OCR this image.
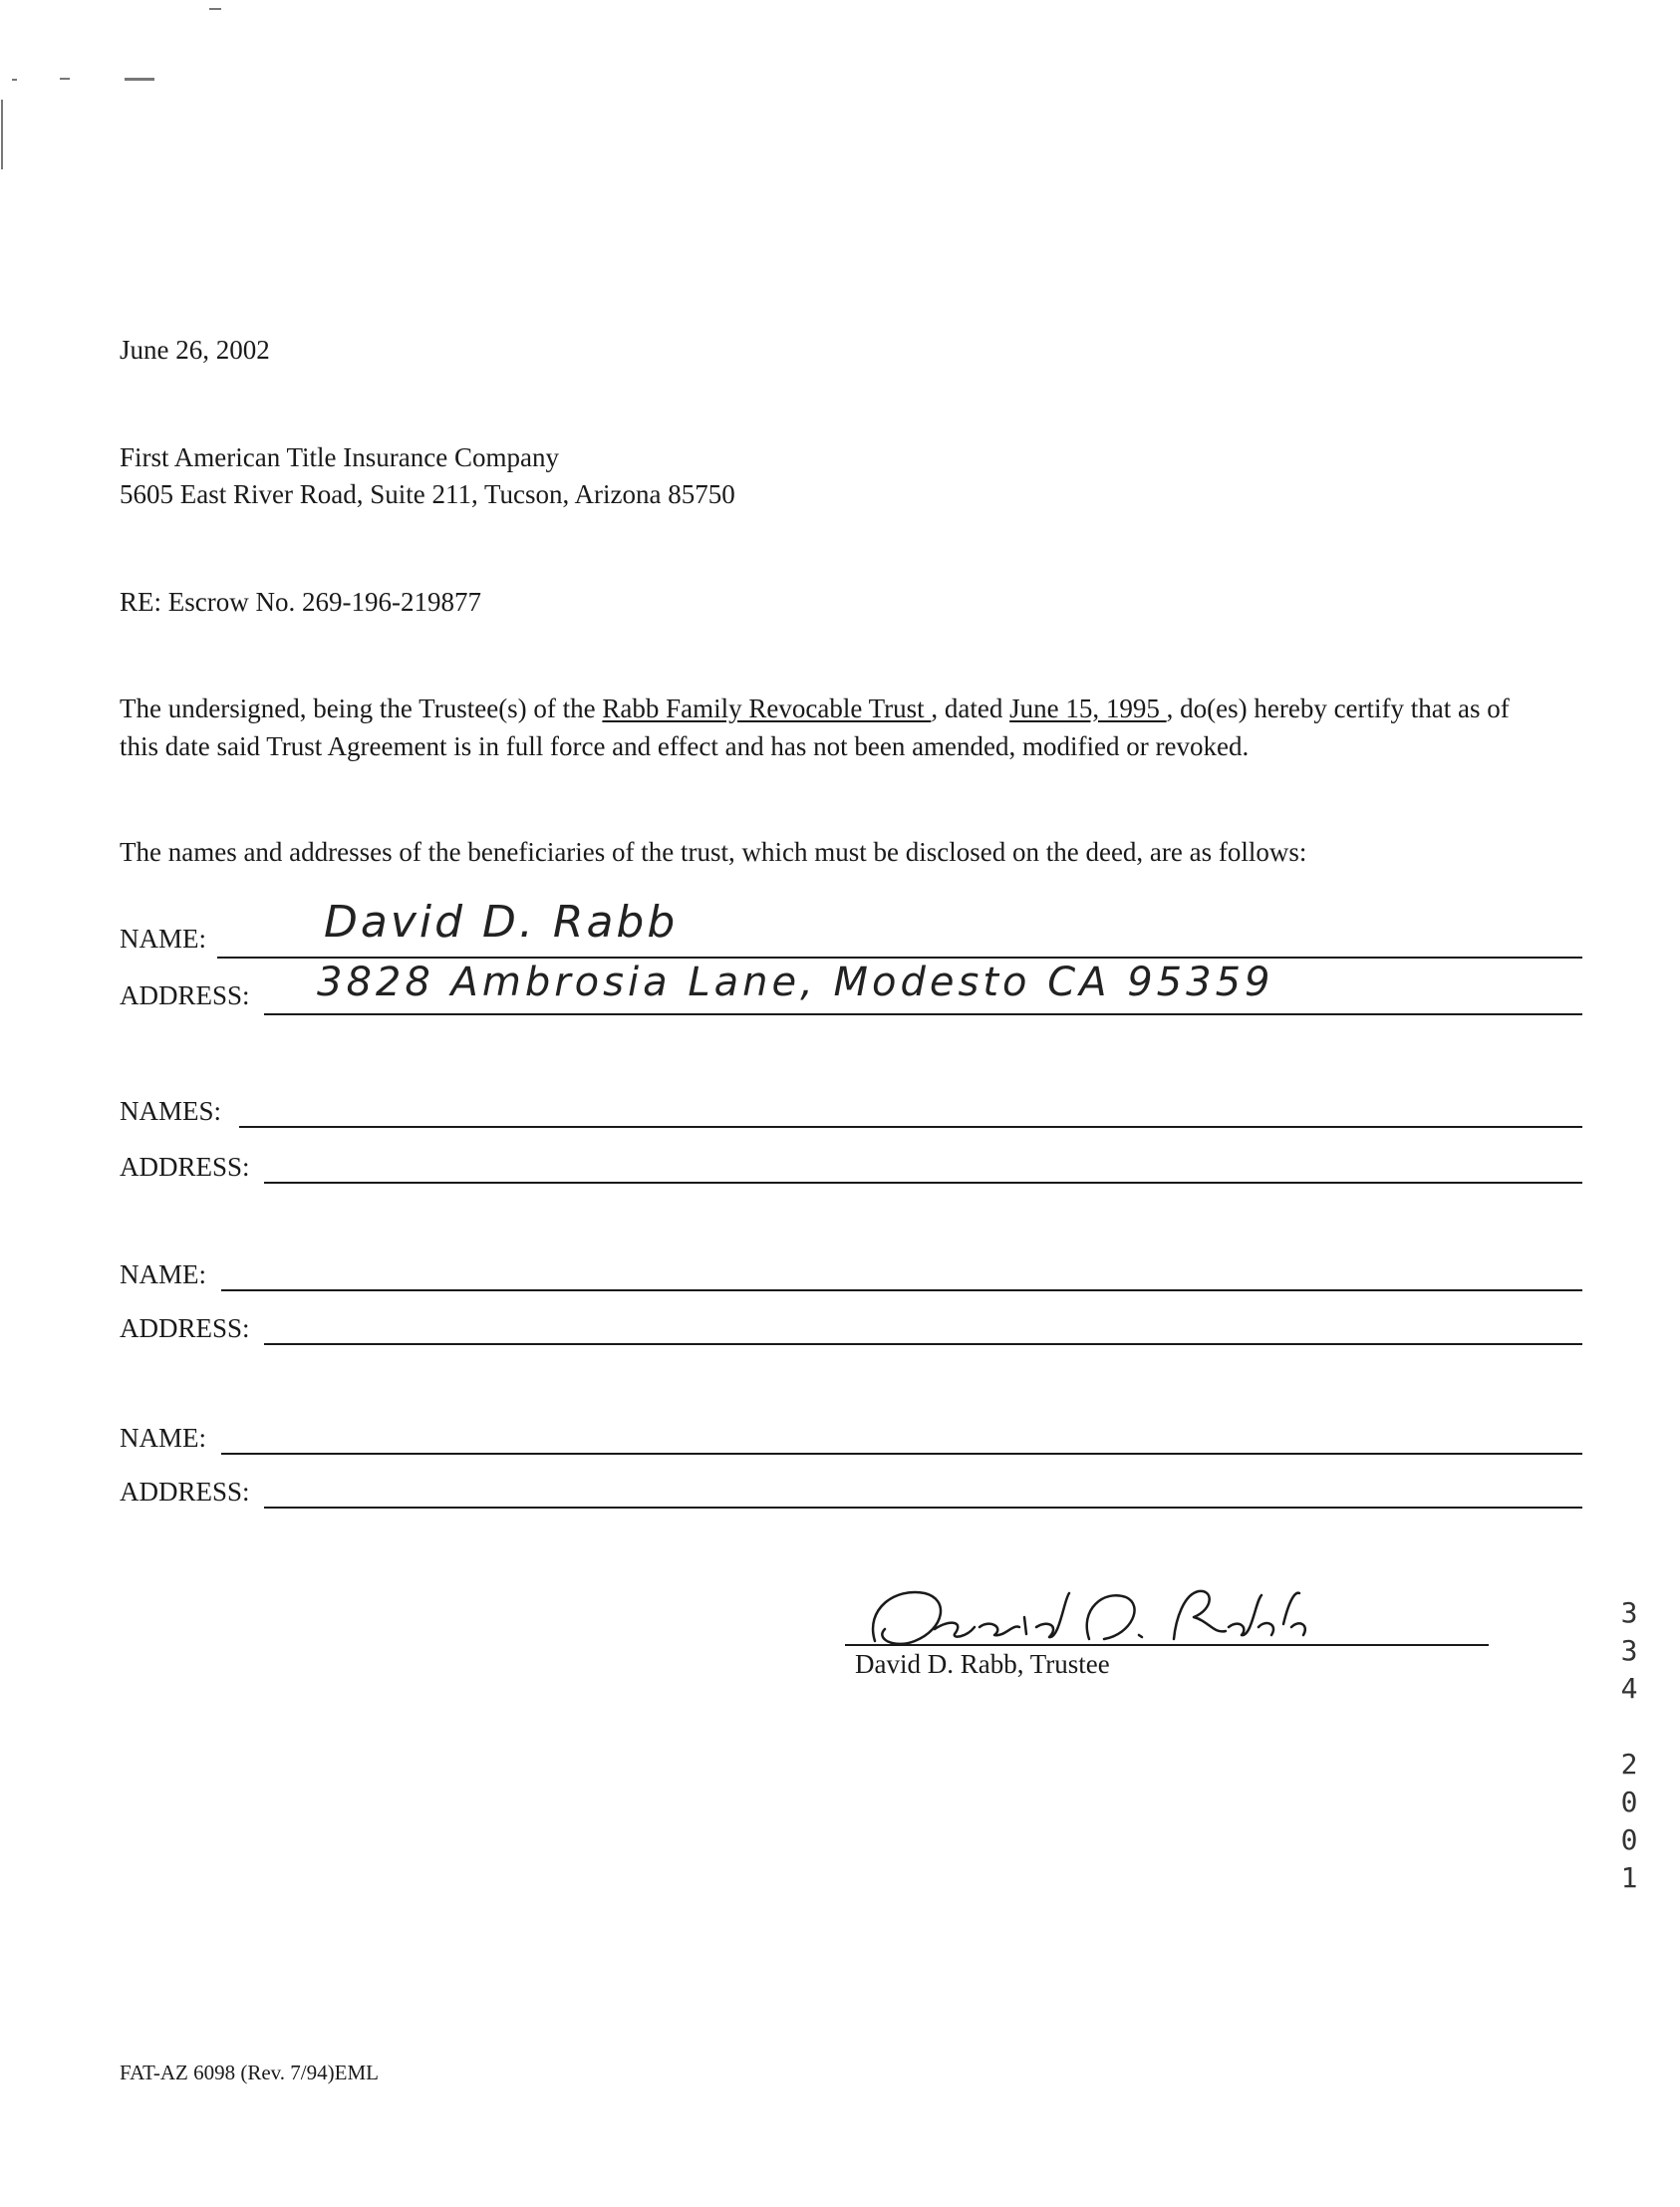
June 26, 2002
First American Title Insurance Company
5605 East River Road, Suite 211, Tucson, Arizona 85750
RE: Escrow No. 269-196-219877
The undersigned, being the Trustee(s) of the Rabb Family Revocable Trust , dated June 15, 1995 , do(es) hereby certify that as of this date said Trust Agreement is in full force and effect and has not been amended, modified or revoked.
The names and addresses of the beneficiaries of the trust, which must be disclosed on the deed, are as follows:
NAME:	David D. Rabb
ADDRESS: 3828 Ambrosia Lane, Modesto CA 95359
NAMES:
ADDRESS:
NAME:
ADDRESS:
NAME:
ADDRESS:
David D. Rabb, Trustee
3
3
4
2
0
0
1
FAT-AZ 6098 (Rev. 7/94)EML
